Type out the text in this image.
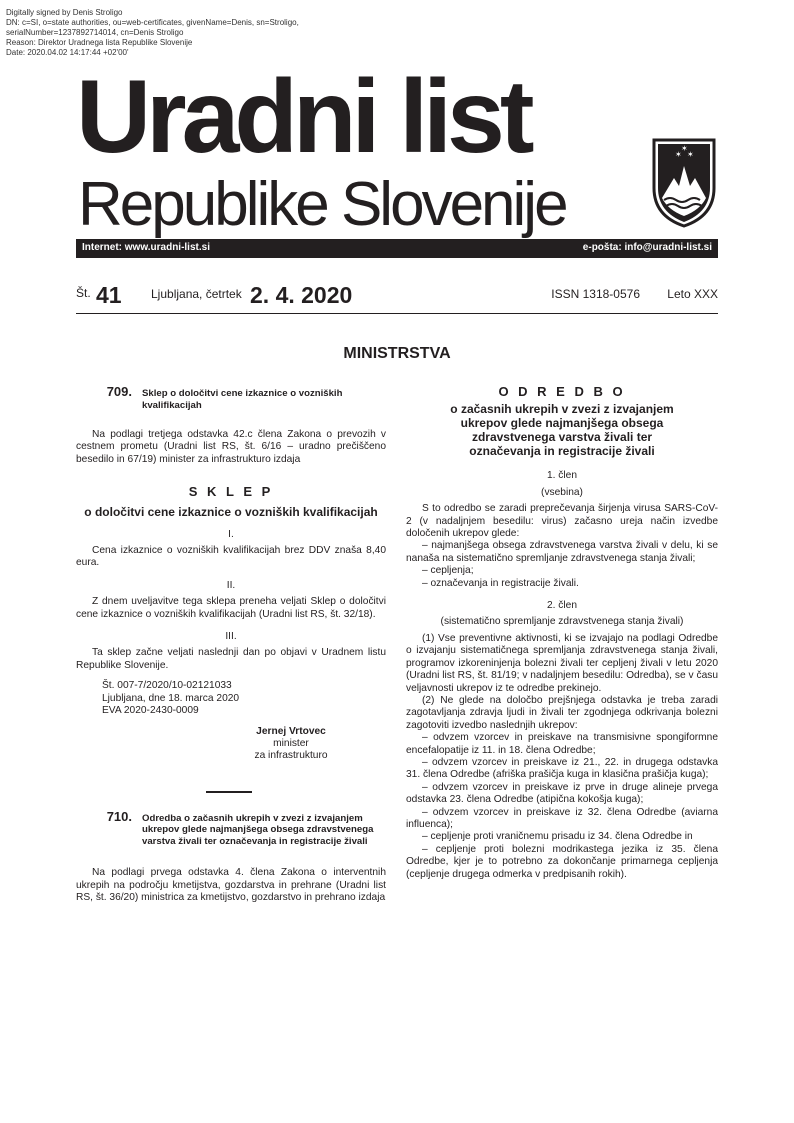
Digitally signed by Denis Stroligo
DN: c=SI, o=state authorities, ou=web-certificates, givenName=Denis, sn=Stroligo,
serialNumber=1237892714014, cn=Denis Stroligo
Reason: Direktor Uradnega lista Republike Slovenije
Date: 2020.04.02 14:17:44 +02'00'
Uradni list
Republike Slovenije
✶ ✶
✶
Internet: www.uradni-list.si	e-pošta: info@uradni-list.si
Št. 41 Ljubljana, četrtek 2. 4. 2020	ISSN 1318-0576 Leto XXX
MINISTRSTVA
709. Sklep o določitvi cene izkaznice o vozniških kvalifikacijah

Na podlagi tretjega odstavka 42.c člena Zakona o prevozih v cestnem prometu (Uradni list RS, št. 6/16 – uradno prečiščeno besedilo in 67/19) minister za infrastrukturo izdaja

S K L E P
o določitvi cene izkaznice o vozniških kvalifikacijah
I.

Cena izkaznice o vozniških kvalifikacijah brez DDV znaša 8,40 eura.

II.

Z dnem uveljavitve tega sklepa preneha veljati Sklep o določitvi cene izkaznice o vozniških kvalifikacijah (Uradni list RS, št. 32/18).

III.

Ta sklep začne veljati naslednji dan po objavi v Uradnem listu Republike Slovenije.

Št. 007-7/2020/10-02121033

Ljubljana, dne 18. marca 2020

EVA 2020-2430-0009

Jernej Vrtovec
minister
za infrastrukturo
710. Odredba o začasnih ukrepih v zvezi z izvajanjem ukrepov glede najmanjšega obsega zdravstvenega varstva živali ter označevanja in registracije živali

Na podlagi prvega odstavka 4. člena Zakona o interventnih ukrepih na področju kmetijstva, gozdarstva in prehrane (Uradni list RS, št. 36/20) ministrica za kmetijstvo, gozdarstvo in prehrano izdaja

O D R E D B O
o začasnih ukrepih v zvezi z izvajanjem ukrepov glede najmanjšega obsega zdravstvenega varstva živali ter označevanja in registracije živali
1. člen
(vsebina)

S to odredbo se zaradi preprečevanja širjenja virusa SARS-CoV-2 (v nadaljnjem besedilu: virus) začasno ureja način izvedbe določenih ukrepov glede:

– najmanjšega obsega zdravstvenega varstva živali v delu, ki se nanaša na sistematično spremljanje zdravstvenega stanja živali;

– cepljenja;

– označevanja in registracije živali.

2. člen
(sistematično spremljanje zdravstvenega stanja živali)

(1) Vse preventivne aktivnosti, ki se izvajajo na podlagi Odredbe o izvajanju sistematičnega spremljanja zdravstvenega stanja živali, programov izkoreninjenja bolezni živali ter cepljenj živali v letu 2020 (Uradni list RS, št. 81/19; v nadaljnjem besedilu: Odredba), se v času veljavnosti ukrepov iz te odredbe prekinejo.

(2) Ne glede na določbo prejšnjega odstavka je treba zaradi zagotavljanja zdravja ljudi in živali ter zgodnjega odkrivanja bolezni zagotoviti izvedbo naslednjih ukrepov:

– odvzem vzorcev in preiskave na transmisivne spongiformne encefalopatije iz 11. in 18. člena Odredbe;

– odvzem vzorcev in preiskave iz 21., 22. in drugega odstavka 31. člena Odredbe (afriška prašičja kuga in klasična prašičja kuga);

– odvzem vzorcev in preiskave iz prve in druge alineje prvega odstavka 23. člena Odredbe (atipična kokošja kuga);

– odvzem vzorcev in preiskave iz 32. člena Odredbe (aviarna influenca);

– cepljenje proti vraničnemu prisadu iz 34. člena Odredbe in

– cepljenje proti bolezni modrikastega jezika iz 35. člena Odredbe, kjer je to potrebno za dokončanje primarnega cepljenja (cepljenje drugega odmerka v predpisanih rokih).
